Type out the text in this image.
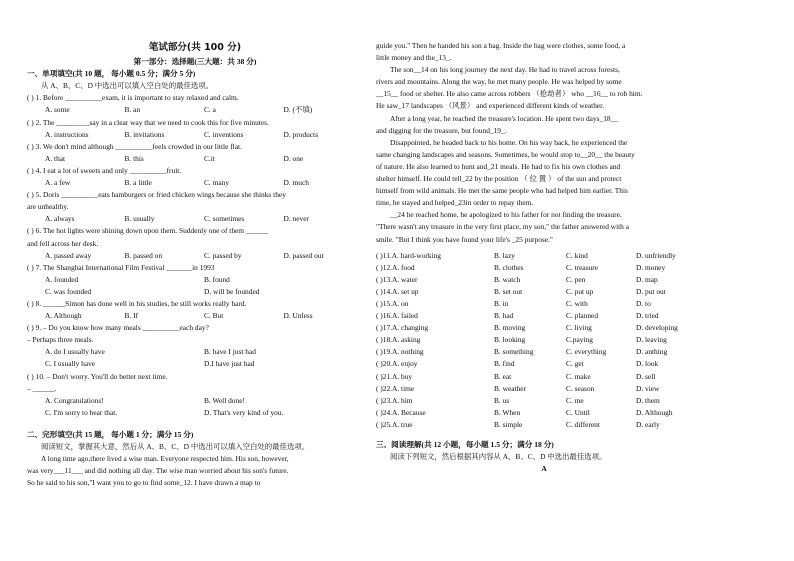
笔试部分(共 100 分)
第一部分：选择题(三大题：共 38 分)
一、单项填空(共 10 题， 每小题 0.5 分；满分 5 分)
从 A、B、C、D 中选出可以填入空白处的最佳选项。
( ) 1. Before __________exam, it is important to stay relaxed and calm.
A. some	B. an	C. a	D. (不填)
( ) 2. The _________say in a clear way that we need to cook this for five minutes.
A. instructions	B. invitations	C. inventions	D. products
( ) 3. We don't mind although __________feels crowded in our little flat.
A. that	B. this	C.it	D. one
( ) 4. I eat a lot of sweets and only __________fruit.
A. a few	B. a little	C. many	D. much
( ) 5. Doris __________eats hamburgers or fried chicken wings because she thinks they
are unhealthy.
A. always	B. usually	C. sometimes	D. never
( ) 6. The hot lights were shining down upon them. Suddenly one of them ______
and fell across her desk.
A. passed away	B. passed on	C. passed by	D. passed out
( ) 7. The Shanghai International Film Festival _______in 1993
A. founded	B. found
C. was founded	D. will be founded
( ) 8. ______Simon has done well in his studies, he still works really hard.
A. Although	B. If	C. But	D. Unless
( ) 9. – Do you know how many meals __________each day?
– Perhaps three meals.
A. do I usually have	B. have I just had
C. I usually have	D.I have just had
( ) 10. – Don't worry. You'll do better next time.
– ______.
A. Congratulations!	B. Well done!
C. I'm sorry to hear that.	D. That's very kind of you.
二、完形填空(共 15 题， 每小题 1 分；满分 15 分)
阅读短文，掌握其大意，然后从 A、B、C、D 中选出可以填入空白处的最佳选项。
A long time ago,there lived a wise man. Everyone respected him. His son, however,
was very___11___ and did nothing all day. The wise man worried about his son's future.
So he said to his son,"I want you to go to find some_12. I have drawn a map to
guide you." Then he handed his son a bag. Inside the bag were clothes, some food, a
little money and the_13_.
The son__14 on his long journey the next day. He had to travel across forests,
rivers and mountains. Along the way, he met many people. He was helped by some
__15__ food or shelter. He also came across robbers （抢劫者） who __16__ to rob him.
He saw_17 landscapes （风景） and experienced different kinds of weather.
After a long year, he reached the treasure's location. He spent two days_18__
and digging for the treasure, but found_19_.
Disappointed, he headed back to his home. On his way back, he experienced the
same changing landscapes and seasons. Sometimes, he would stop to__20__ the beauty
of nature. He also learned to hunt and_21 meals. He had to fix his own clothes and
shelter himself. He could tell_22 by the position （ 位 置 ） of the sun and protect
himself from wild animals. He met the same people who had helped him earlier. This
time, he stayed and helped_23in order to repay them.
__24 he reached home, he apologized to his father for not finding the treasure.
"There wasn't any treasure in the very first place, my son," the father answered with a
smile. "But I think you have found your life's _25 purpose."
( )11.A. hard-working	B. lazy	C. kind	D. unfriendly
( )12.A. food	B. clothes	C. treasure	D. money
( )13.A. water	B. watch	C. pen	D. map
( )14.A. set up	B. set out	C. put up	D. put out
( )15.A. on	B. in	C. with	D. to
( )16.A. failed	B. had	C. planned	D. tried
( )17.A. changing	B. moving	C. living	D. developing
( )18.A. asking	B. looking	C.paying	D. leaving
( )19.A. nothing	B. something	C. everything	D. anthing
( )20.A. enjoy	B. find	C. get	D. look
( )21.A. buy	B. eat	C. make	D. sell
( )22.A. time	B. weather	C. season	D. view
( )23.A. him	B. us	C. me	D. them
( )24.A. Because	B. When	C. Until	D. Although
( )25.A. true	B. simple	C. different	D. early
三、阅读理解(共 12 小题，每小题 1.5 分；满分 18 分)
阅读下列短文，然后根据其内容从 A、B、C、D 中选出最佳选项。
A
